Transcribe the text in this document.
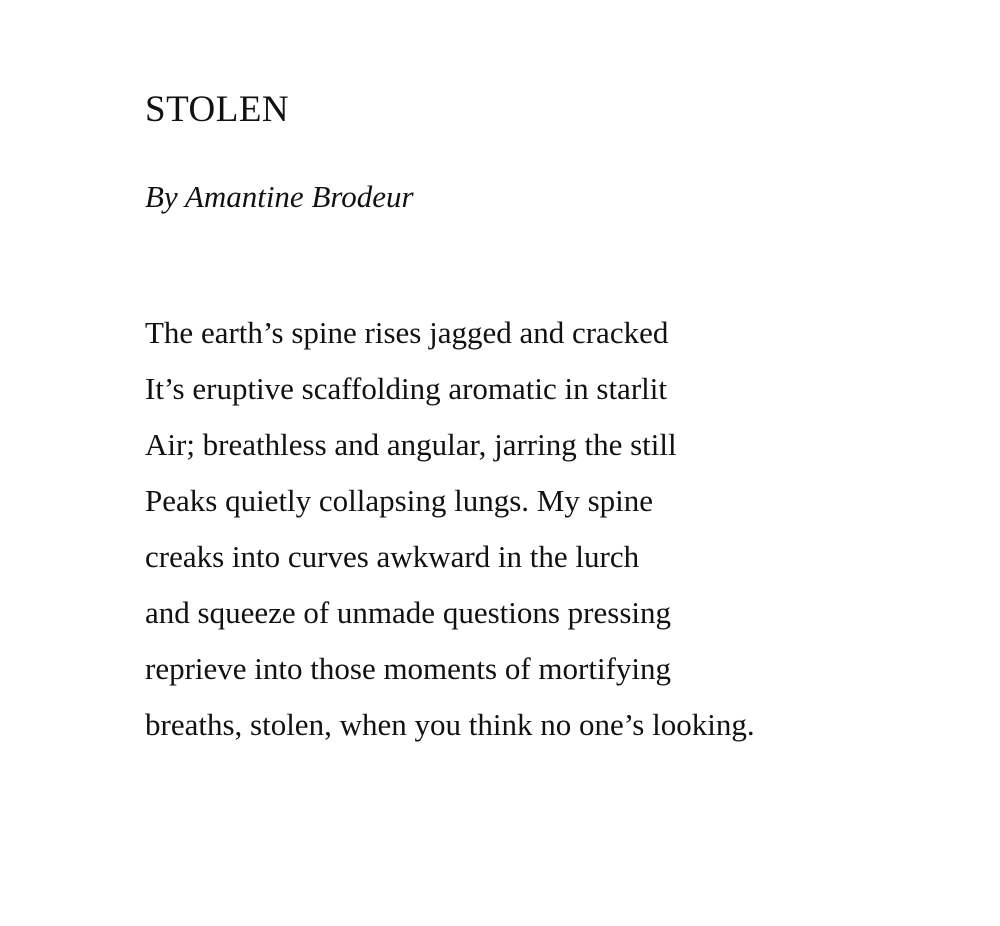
STOLEN

By Amantine Brodeur

The earth’s spine rises jagged and cracked
It’s eruptive scaffolding aromatic in starlit
Air; breathless and angular, jarring the still
Peaks quietly collapsing lungs. My spine
creaks into curves awkward in the lurch
and squeeze of unmade questions pressing
reprieve into those moments of mortifying
breaths, stolen, when you think no one’s looking.
